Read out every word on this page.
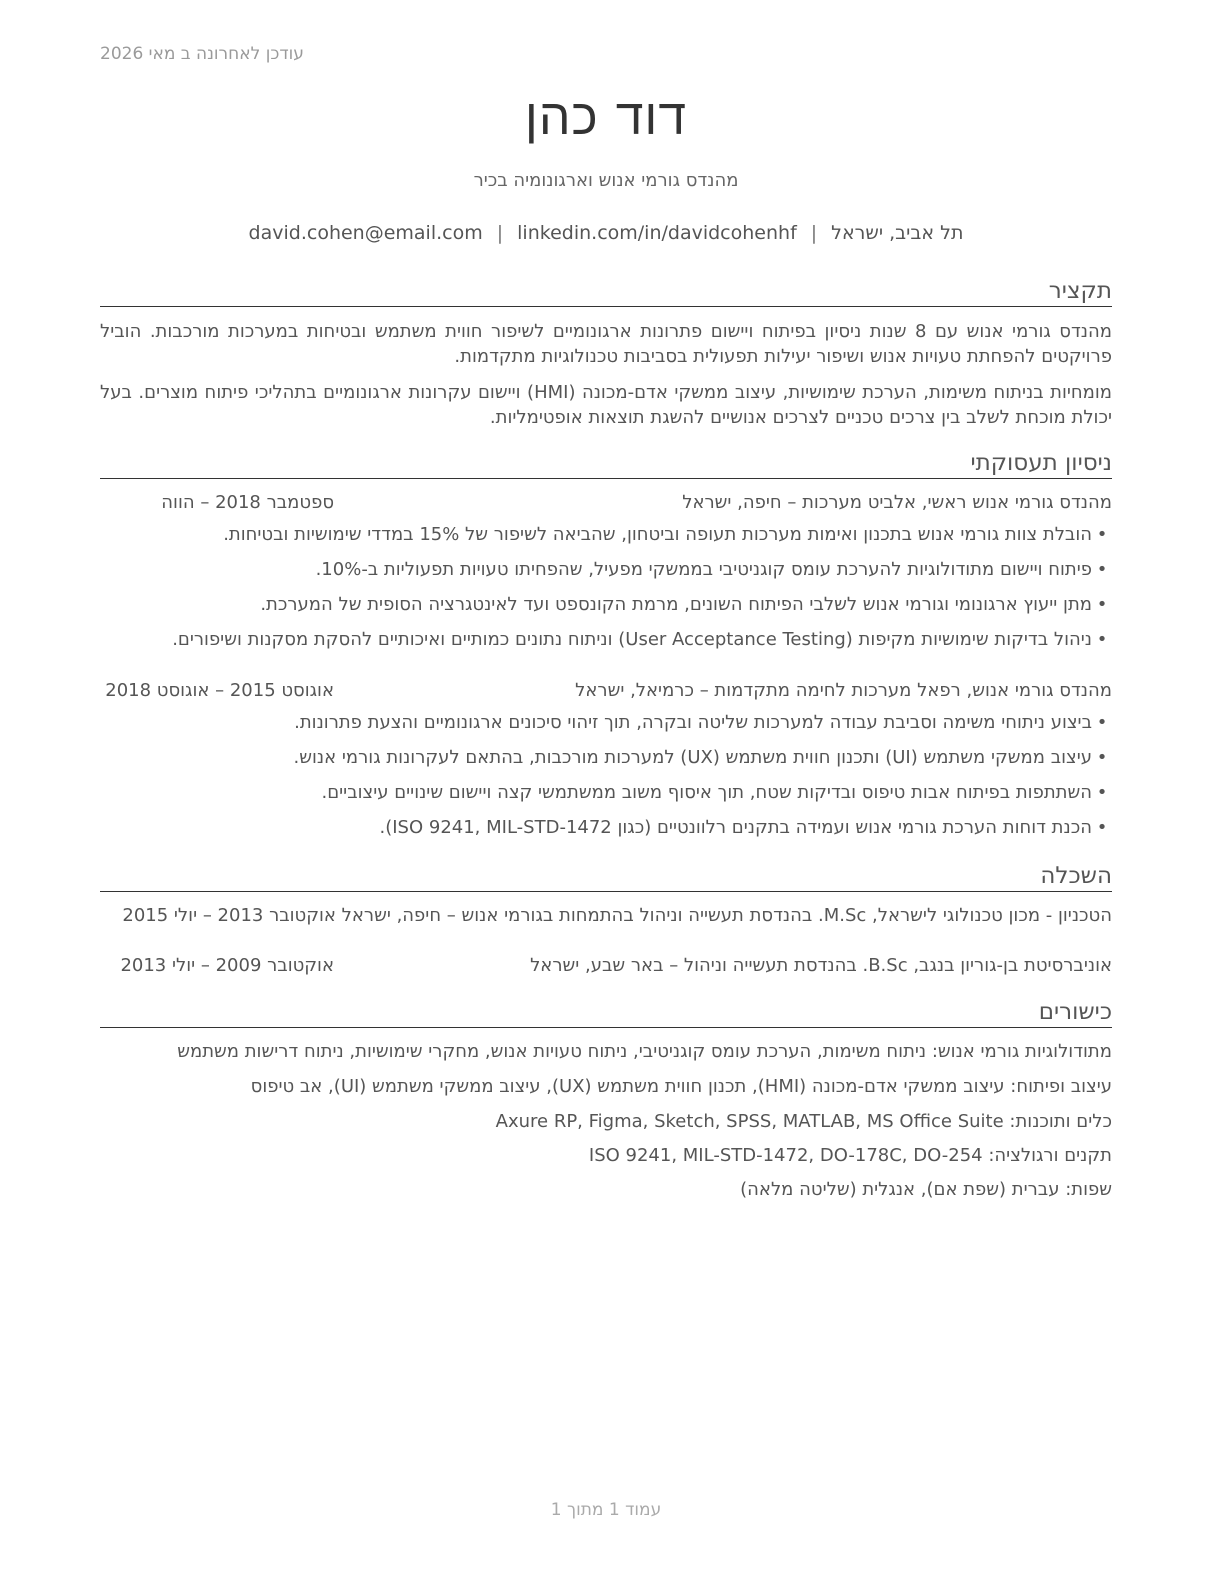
עודכן לאחרונה ב מאי 2026
דוד כהן
מהנדס גורמי אנוש וארגונומיה בכיר
תל אביב, ישראל|david.cohen@email.com | linkedin.com/in/davidcohenhf
תקציר
מהנדס גורמי אנוש עם 8 שנות ניסיון בפיתוח ויישום פתרונות ארגונומיים לשיפור חווית משתמש ובטיחות במערכות מורכבות. הוביל פרויקטים להפחתת טעויות אנוש ושיפור יעילות תפעולית בסביבות טכנולוגיות מתקדמות.
מומחיות בניתוח משימות, הערכת שימושיות, עיצוב ממשקי אדם-מכונה (HMI) ויישום עקרונות ארגונומיים בתהליכי פיתוח מוצרים. בעל יכולת מוכחת לשלב בין צרכים טכניים לצרכים אנושיים להשגת תוצאות אופטימליות.
ניסיון תעסוקתי
מהנדס גורמי אנוש ראשי, אלביט מערכות – חיפה, ישראל
ספטמבר 2018 – הווה
•הובלת צוות גורמי אנוש בתכנון ואימות מערכות תעופה וביטחון, שהביאה לשיפור של 15% במדדי שימושיות ובטיחות.
•פיתוח ויישום מתודולוגיות להערכת עומס קוגניטיבי בממשקי מפעיל, שהפחיתו טעויות תפעוליות ב-10%.
•מתן ייעוץ ארגונומי וגורמי אנוש לשלבי הפיתוח השונים, מרמת הקונספט ועד לאינטגרציה הסופית של המערכת.
•ניהול בדיקות שימושיות מקיפות (User Acceptance Testing) וניתוח נתונים כמותיים ואיכותיים להסקת מסקנות ושיפורים.
מהנדס גורמי אנוש, רפאל מערכות לחימה מתקדמות – כרמיאל, ישראל
אוגוסט 2015 – אוגוסט 2018
•ביצוע ניתוחי משימה וסביבת עבודה למערכות שליטה ובקרה, תוך זיהוי סיכונים ארגונומיים והצעת פתרונות.
•עיצוב ממשקי משתמש (UI) ותכנון חווית משתמש (UX) למערכות מורכבות, בהתאם לעקרונות גורמי אנוש.
•השתתפות בפיתוח אבות טיפוס ובדיקות שטח, תוך איסוף משוב ממשתמשי קצה ויישום שינויים עיצוביים.
•הכנת דוחות הערכת גורמי אנוש ועמידה בתקנים רלוונטיים (כגון ISO 9241, MIL-STD-1472).
השכלה
הטכניון - מכון טכנולוגי לישראל, M.Sc. בהנדסת תעשייה וניהול בהתמחות בגורמי אנוש – חיפה, ישראל אוקטובר 2013 – יולי 2015
אוניברסיטת בן-גוריון בנגב, B.Sc. בהנדסת תעשייה וניהול – באר שבע, ישראל
אוקטובר 2009 – יולי 2013
כישורים
מתודולוגיות גורמי אנוש: ניתוח משימות, הערכת עומס קוגניטיבי, ניתוח טעויות אנוש, מחקרי שימושיות, ניתוח דרישות משתמש
עיצוב ופיתוח: עיצוב ממשקי אדם-מכונה (HMI), תכנון חווית משתמש (UX), עיצוב ממשקי משתמש (UI), אב טיפוס
כלים ותוכנות: Axure RP, Figma, Sketch, SPSS, MATLAB, MS Office Suite
תקנים ורגולציה: ISO 9241, MIL-STD-1472, DO-178C, DO-254
שפות: עברית (שפת אם), אנגלית (שליטה מלאה)
עמוד 1 מתוך 1
